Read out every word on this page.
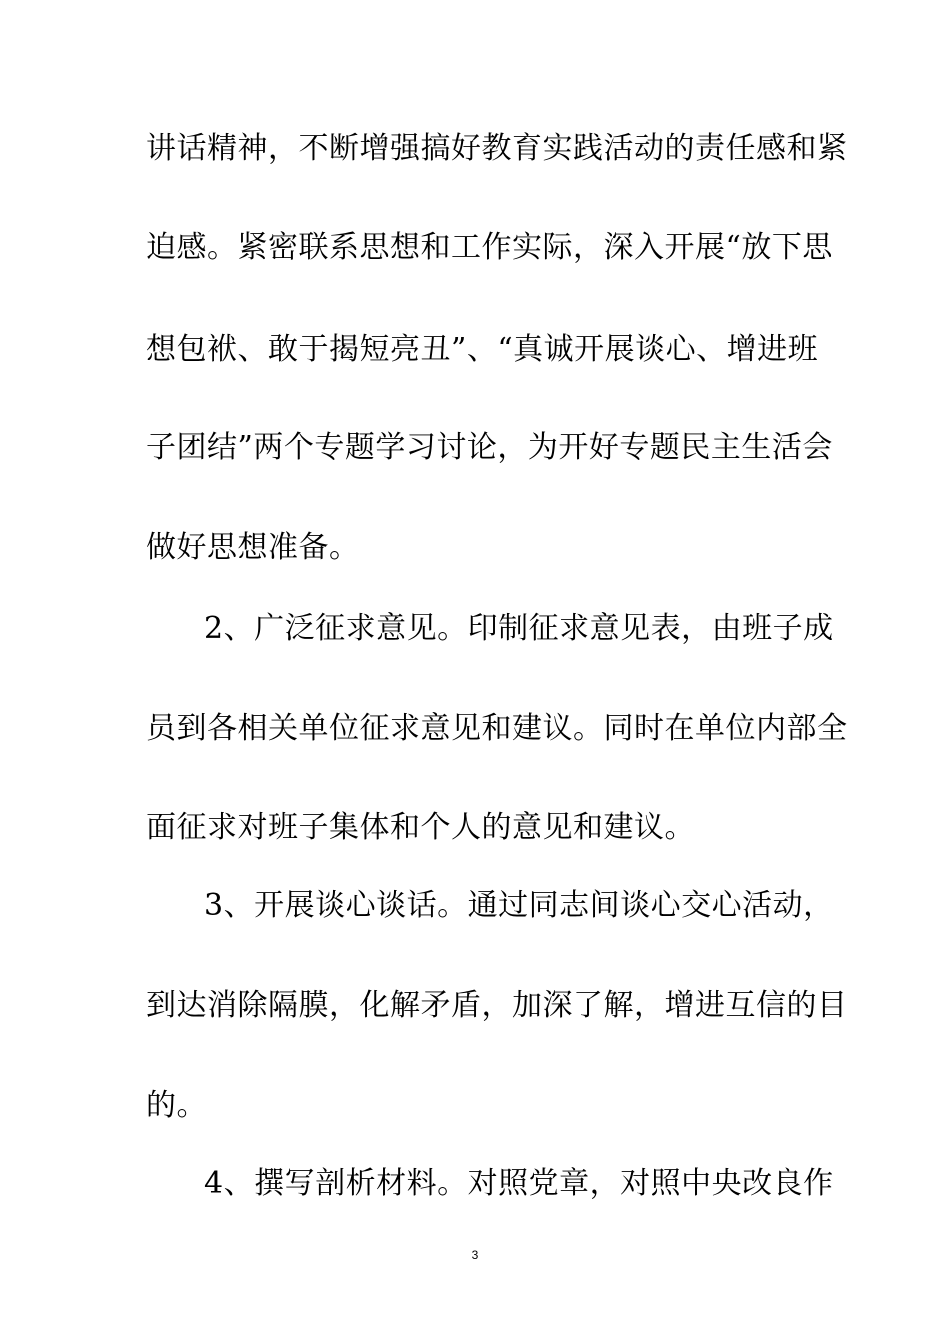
讲话精神，不断增强搞好教育实践活动的责任感和紧
迫感。紧密联系思想和工作实际，深入开展“放下思
想包袱、敢于揭短亮丑”、“真诚开展谈心、增进班
子团结”两个专题学习讨论，为开好专题民主生活会
做好思想准备。
2、广泛征求意见。印制征求意见表，由班子成
员到各相关单位征求意见和建议。同时在单位内部全
面征求对班子集体和个人的意见和建议。
3、开展谈心谈话。通过同志间谈心交心活动，
到达消除隔膜，化解矛盾，加深了解，增进互信的目
的。
4、撰写剖析材料。对照党章，对照中央改良作
3
